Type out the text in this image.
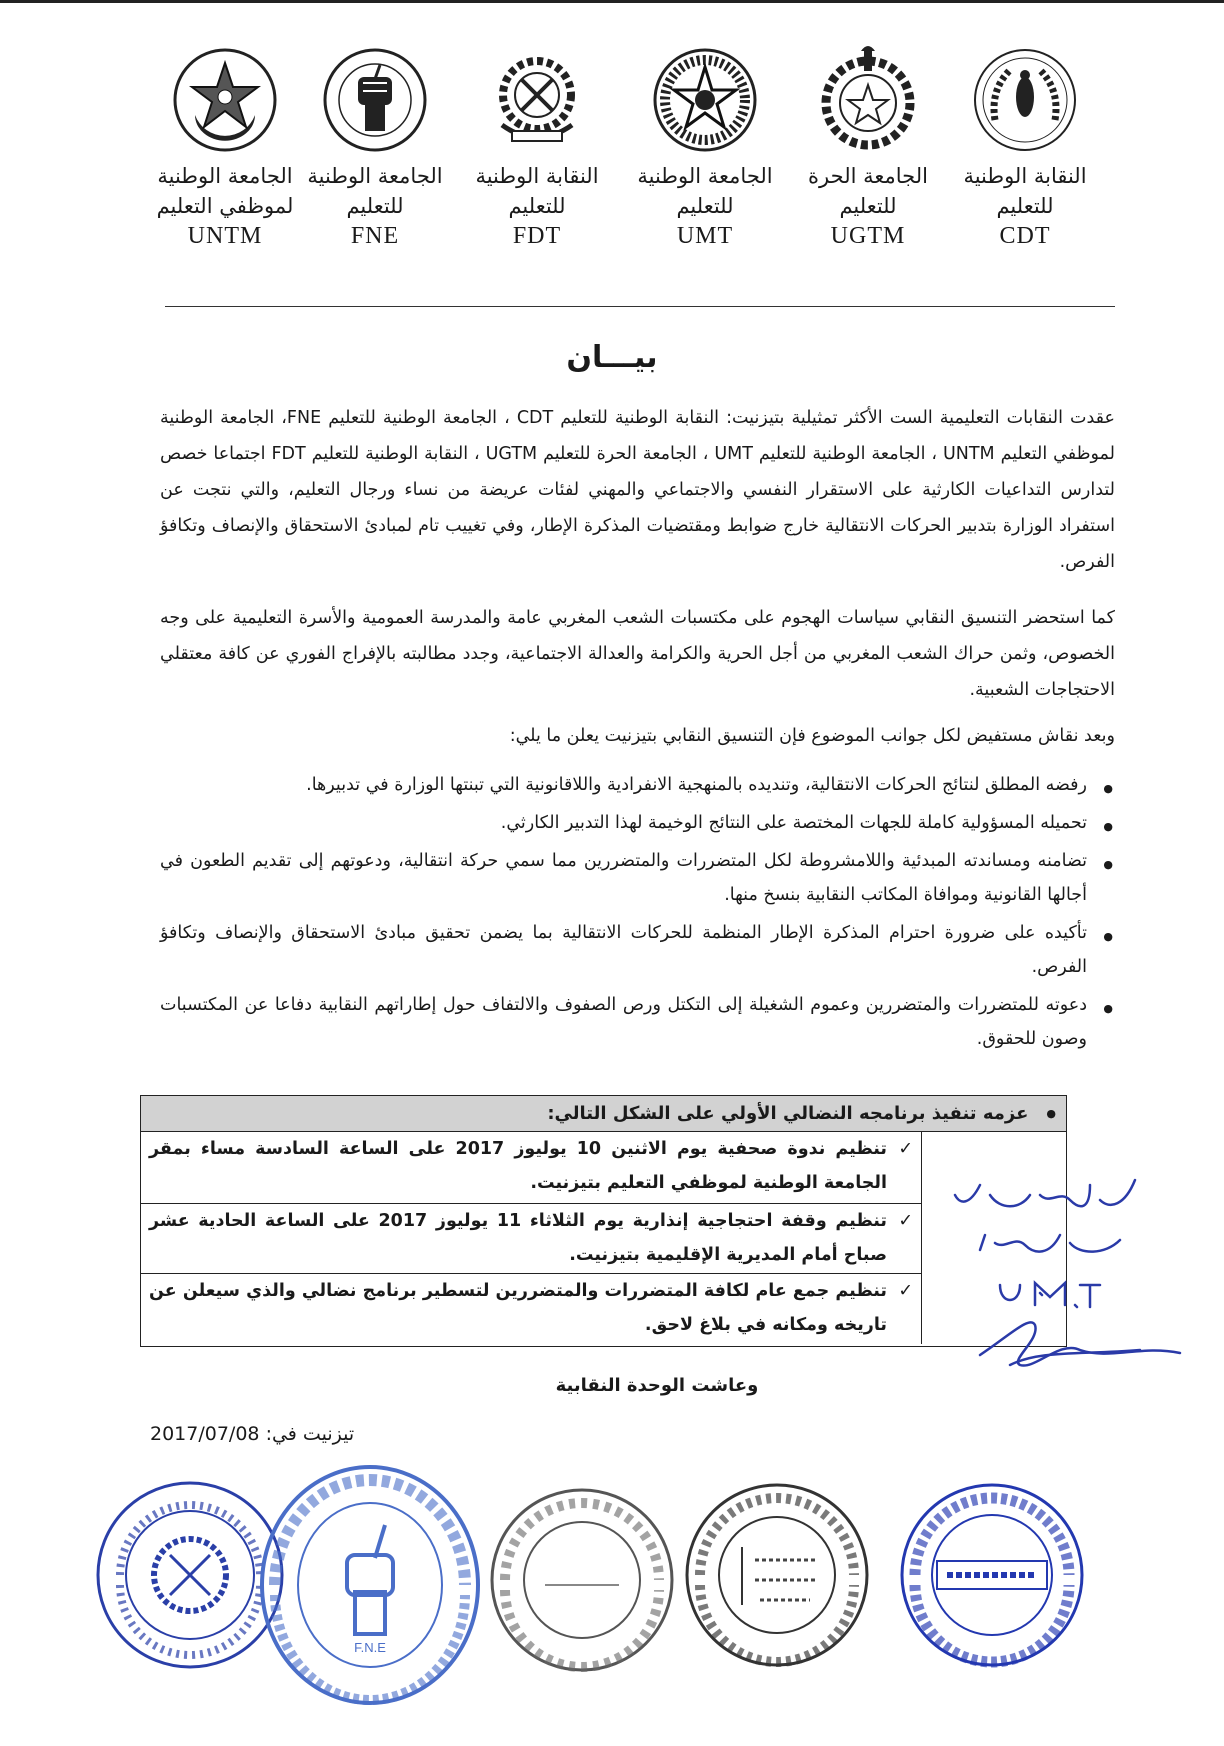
الجامعة الوطنية
لموظفي التعليم
UNTM
الجامعة الوطنية
للتعليم
FNE
النقابة الوطنية
للتعليم
FDT
الجامعة الوطنية
للتعليم
UMT
الجامعة الحرة
للتعليم
UGTM
النقابة الوطنية
للتعليم
CDT
بيـــان
عقدت النقابات التعليمية الست الأكثر تمثيلية بتيزنيت: النقابة الوطنية للتعليم CDT ، الجامعة الوطنية للتعليم FNE، الجامعة الوطنية لموظفي التعليم UNTM ، الجامعة الوطنية للتعليم UMT ، الجامعة الحرة للتعليم UGTM ، النقابة الوطنية للتعليم FDT اجتماعا خصص لتدارس التداعيات الكارثية على الاستقرار النفسي والاجتماعي والمهني لفئات عريضة من نساء ورجال التعليم، والتي نتجت عن استفراد الوزارة بتدبير الحركات الانتقالية خارج ضوابط ومقتضيات المذكرة الإطار، وفي تغييب تام لمبادئ الاستحقاق والإنصاف وتكافؤ الفرص.
كما استحضر التنسيق النقابي سياسات الهجوم على مكتسبات الشعب المغربي عامة والمدرسة العمومية والأسرة التعليمية على وجه الخصوص، وثمن حراك الشعب المغربي من أجل الحرية والكرامة والعدالة الاجتماعية، وجدد مطالبته بالإفراج الفوري عن كافة معتقلي الاحتجاجات الشعبية.
وبعد نقاش مستفيض لكل جوانب الموضوع فإن التنسيق النقابي بتيزنيت يعلن ما يلي:
● رفضه المطلق لنتائج الحركات الانتقالية، وتنديده بالمنهجية الانفرادية واللاقانونية التي تبنتها الوزارة في تدبيرها.
● تحميله المسؤولية كاملة للجهات المختصة على النتائج الوخيمة لهذا التدبير الكارثي.
● تضامنه ومساندته المبدئية واللامشروطة لكل المتضررات والمتضررين مما سمي حركة انتقالية، ودعوتهم إلى تقديم الطعون في أجالها القانونية وموافاة المكاتب النقابية بنسخ منها.
● تأكيده على ضرورة احترام المذكرة الإطار المنظمة للحركات الانتقالية بما يضمن تحقيق مبادئ الاستحقاق والإنصاف وتكافؤ الفرص.
● دعوته للمتضررات والمتضررين وعموم الشغيلة إلى التكتل ورص الصفوف والالتفاف حول إطاراتهم النقابية دفاعا عن المكتسبات وصون للحقوق.
●عزمه تنفيذ برنامجه النضالي الأولي على الشكل التالي:
✓
تنظيم ندوة صحفية يوم الاثنين 10 يوليوز 2017 على الساعة السادسة مساء بمقر الجامعة الوطنية لموظفي التعليم بتيزنيت.
✓
تنظيم وقفة احتجاجية إنذارية يوم الثلاثاء 11 يوليوز 2017 على الساعة الحادية عشر صباح أمام المديرية الإقليمية بتيزنيت.
✓
تنظيم جمع عام لكافة المتضررات والمتضررين لتسطير برنامج نضالي والذي سيعلن عن تاريخه ومكانه في بلاغ لاحق.
وعاشت الوحدة النقابية
تيزنيت في: 2017/07/08
F.N.E
